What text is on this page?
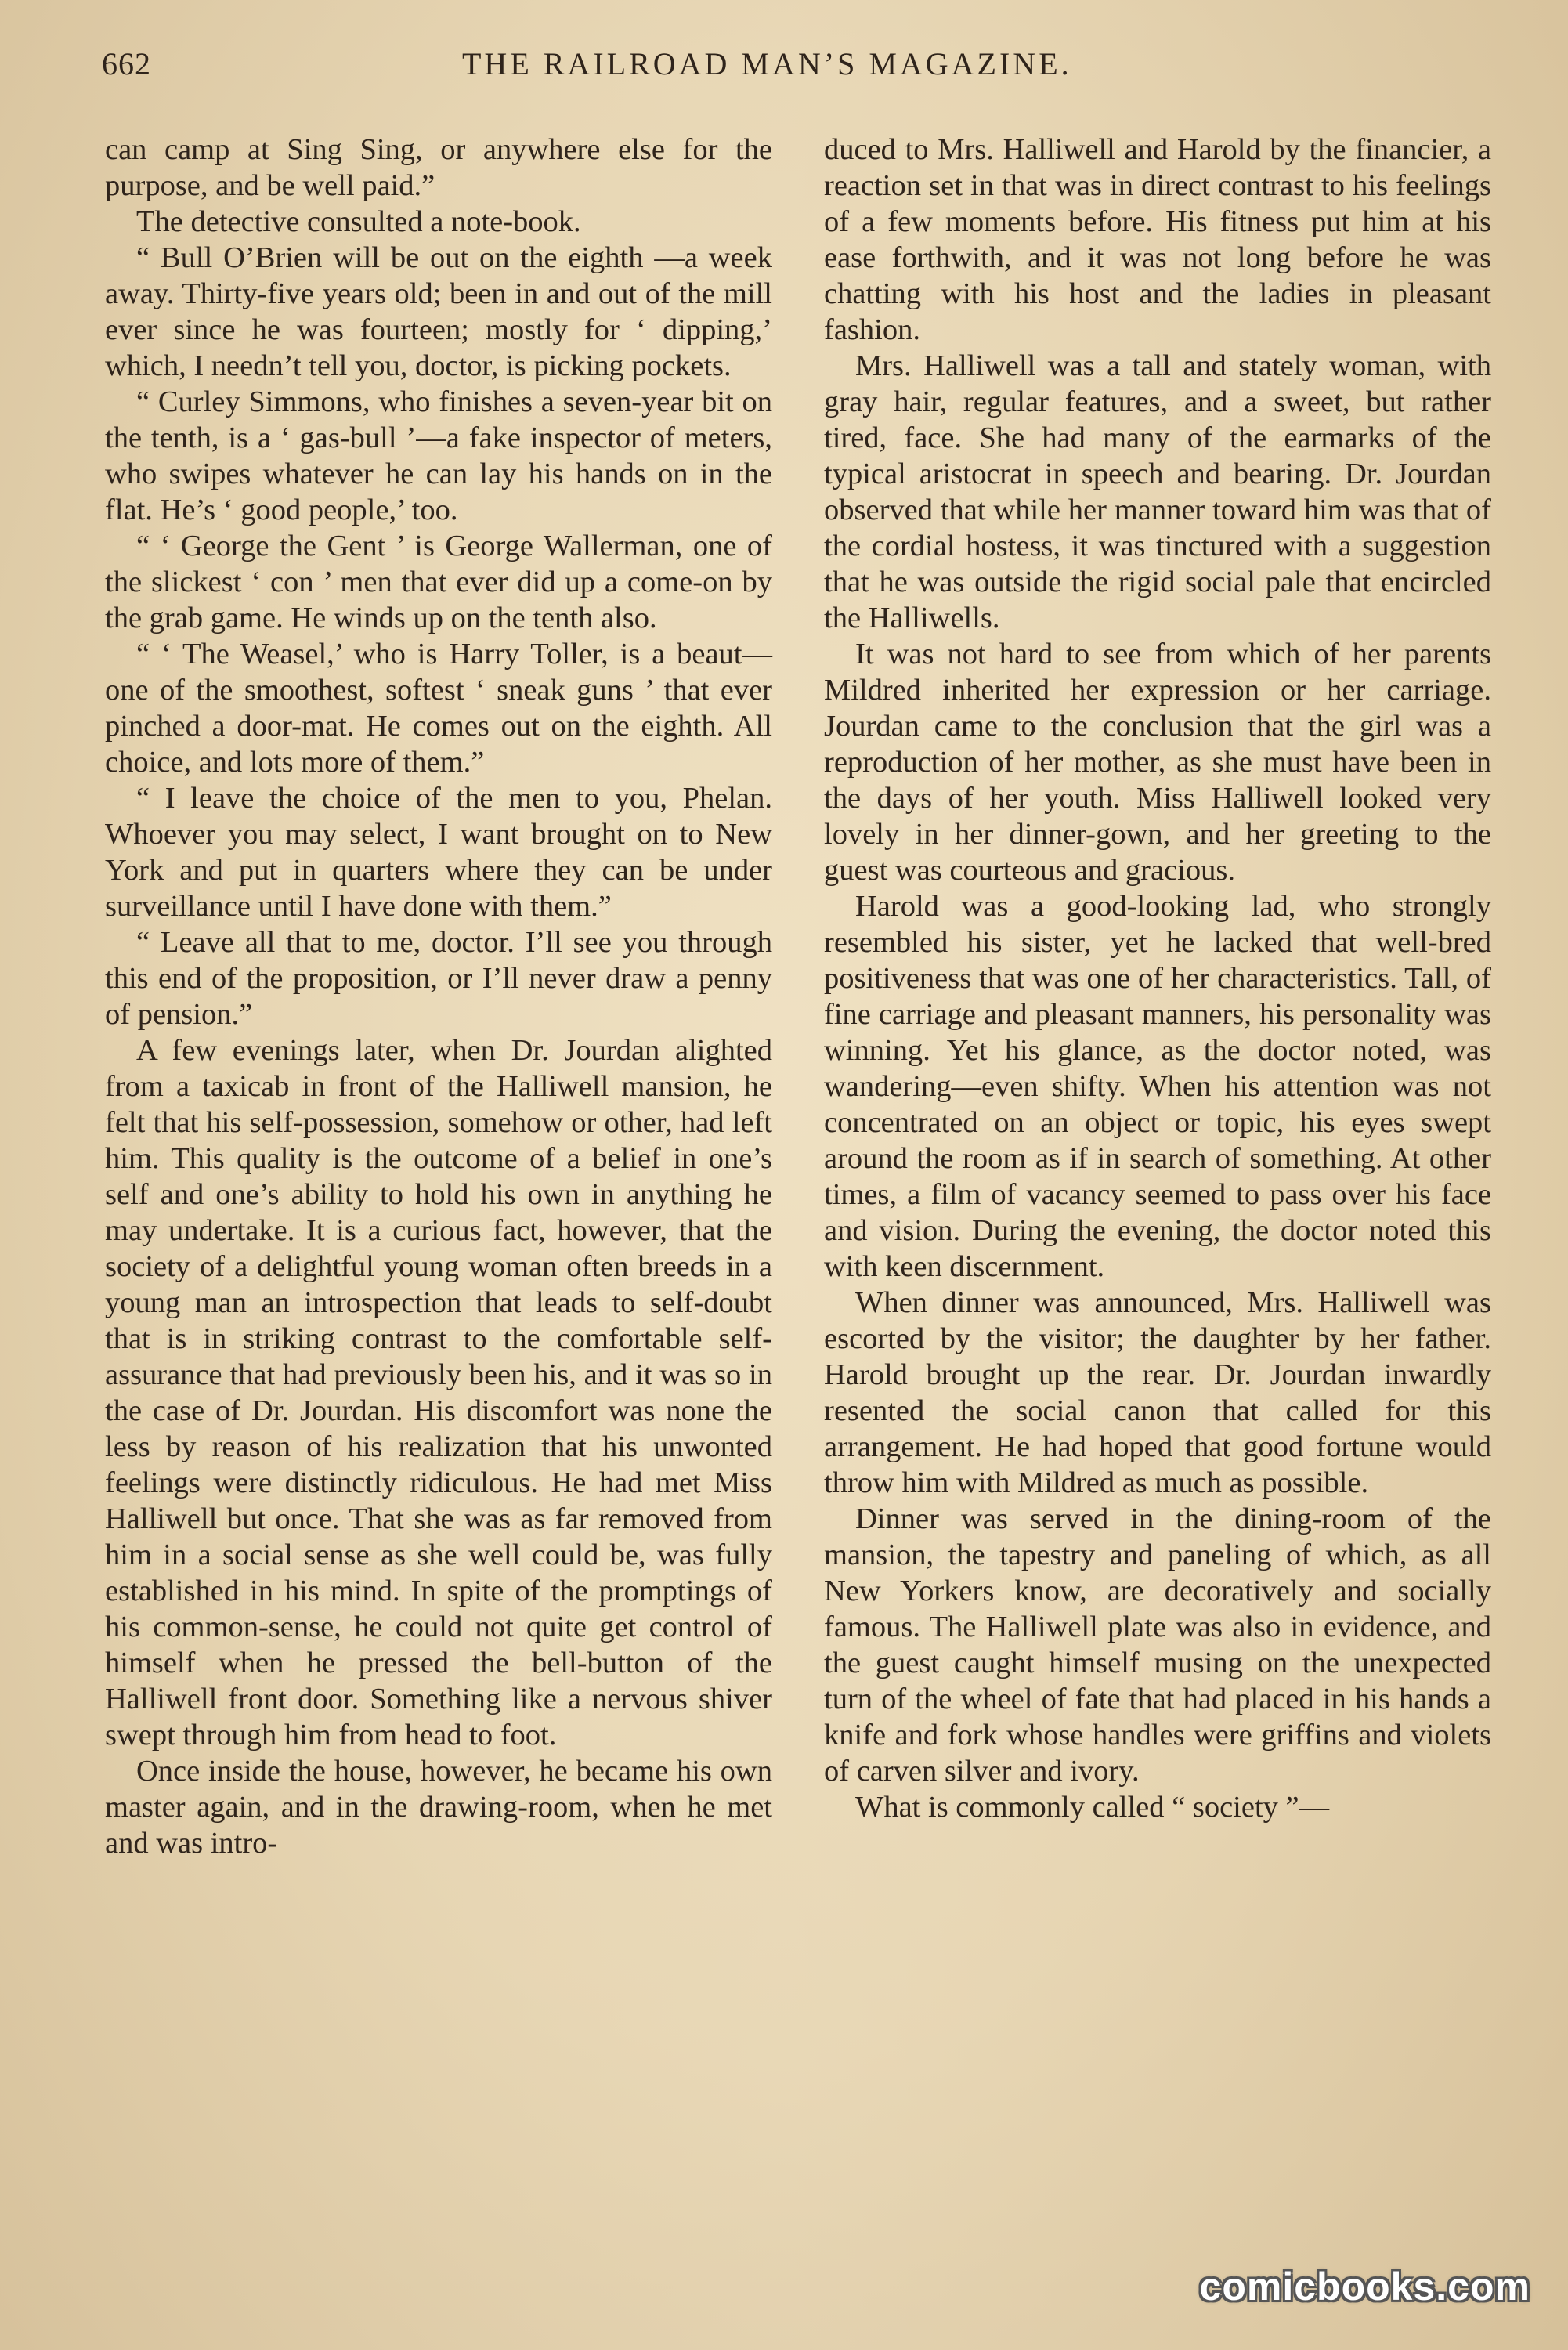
662	THE RAILROAD MAN’S MAGAZINE.

can camp at Sing Sing, or anywhere else for the purpose, and be well paid.”

The detective consulted a note-book.

“ Bull O’Brien will be out on the eighth —a week away. Thirty-five years old; been in and out of the mill ever since he was fourteen; mostly for ‘ dipping,’ which, I needn’t tell you, doctor, is picking pockets.

“ Curley Simmons, who finishes a seven-year bit on the tenth, is a ‘ gas-bull ’—a fake inspector of meters, who swipes whatever he can lay his hands on in the flat. He’s ‘ good people,’ too.

“ ‘ George the Gent ’ is George Wallerman, one of the slickest ‘ con ’ men that ever did up a come-on by the grab game. He winds up on the tenth also.

“ ‘ The Weasel,’ who is Harry Toller, is a beaut—one of the smoothest, softest ‘ sneak guns ’ that ever pinched a door-mat. He comes out on the eighth. All choice, and lots more of them.”

“ I leave the choice of the men to you, Phelan. Whoever you may select, I want brought on to New York and put in quarters where they can be under surveillance until I have done with them.”

“ Leave all that to me, doctor. I’ll see you through this end of the proposition, or I’ll never draw a penny of pension.”

A few evenings later, when Dr. Jourdan alighted from a taxicab in front of the Halliwell mansion, he felt that his self-possession, somehow or other, had left him. This quality is the outcome of a belief in one’s self and one’s ability to hold his own in anything he may undertake. It is a curious fact, however, that the society of a delightful young woman often breeds in a young man an introspection that leads to self-doubt that is in striking contrast to the comfortable self-assurance that had previously been his, and it was so in the case of Dr. Jourdan. His discomfort was none the less by reason of his realization that his unwonted feelings were distinctly ridiculous. He had met Miss Halliwell but once. That she was as far removed from him in a social sense as she well could be, was fully established in his mind. In spite of the promptings of his common-sense, he could not quite get control of himself when he pressed the bell-button of the Halliwell front door. Something like a nervous shiver swept through him from head to foot.

Once inside the house, however, he became his own master again, and in the drawing-room, when he met and was intro-

duced to Mrs. Halliwell and Harold by the financier, a reaction set in that was in direct contrast to his feelings of a few moments before. His fitness put him at his ease forthwith, and it was not long before he was chatting with his host and the ladies in pleasant fashion.

Mrs. Halliwell was a tall and stately woman, with gray hair, regular features, and a sweet, but rather tired, face. She had many of the earmarks of the typical aristocrat in speech and bearing. Dr. Jourdan observed that while her manner toward him was that of the cordial hostess, it was tinctured with a suggestion that he was outside the rigid social pale that encircled the Halliwells.

It was not hard to see from which of her parents Mildred inherited her expression or her carriage. Jourdan came to the conclusion that the girl was a reproduction of her mother, as she must have been in the days of her youth. Miss Halliwell looked very lovely in her dinner-gown, and her greeting to the guest was courteous and gracious.

Harold was a good-looking lad, who strongly resembled his sister, yet he lacked that well-bred positiveness that was one of her characteristics. Tall, of fine carriage and pleasant manners, his personality was winning. Yet his glance, as the doctor noted, was wandering—even shifty. When his attention was not concentrated on an object or topic, his eyes swept around the room as if in search of something. At other times, a film of vacancy seemed to pass over his face and vision. During the evening, the doctor noted this with keen discernment.

When dinner was announced, Mrs. Halliwell was escorted by the visitor; the daughter by her father. Harold brought up the rear. Dr. Jourdan inwardly resented the social canon that called for this arrangement. He had hoped that good fortune would throw him with Mildred as much as possible.

Dinner was served in the dining-room of the mansion, the tapestry and paneling of which, as all New Yorkers know, are decoratively and socially famous. The Halliwell plate was also in evidence, and the guest caught himself musing on the unexpected turn of the wheel of fate that had placed in his hands a knife and fork whose handles were griffins and violets of carven silver and ivory.

What is commonly called “ society ”—

comicbooks.com
